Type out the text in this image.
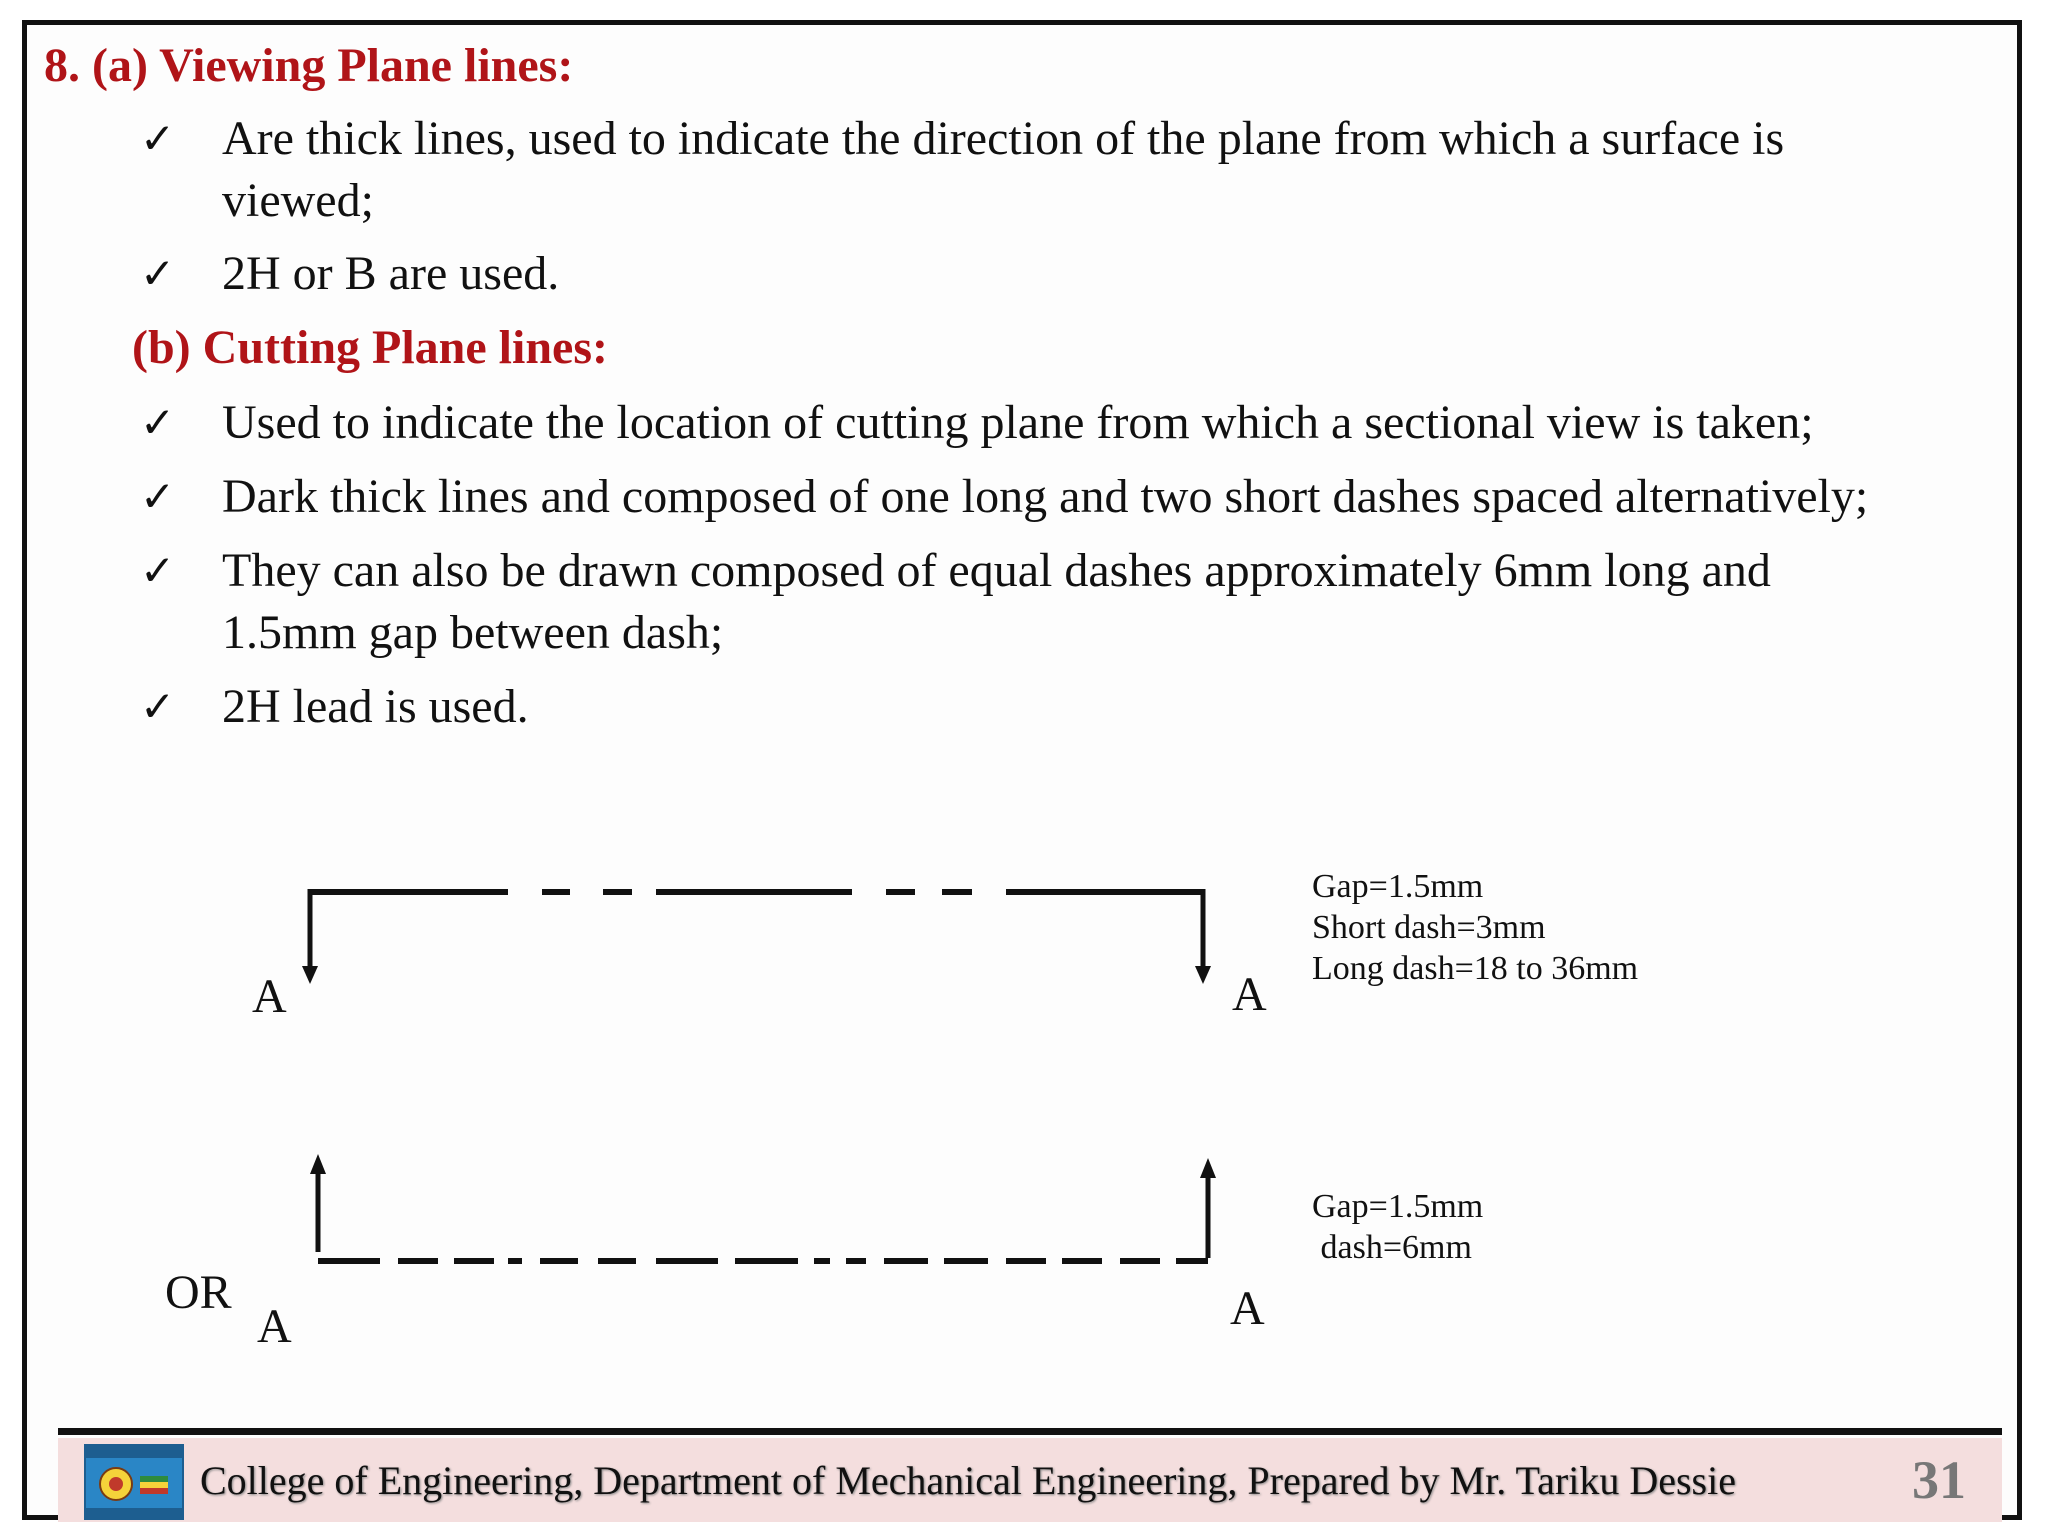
8. (a) Viewing Plane lines:
✓ Are thick lines, used to indicate the direction of the plane from which a surface is
viewed;
✓ 2H or B are used.
(b) Cutting Plane lines:
✓ Used to indicate the location of cutting plane from which a sectional view is taken;
✓ Dark thick lines and composed of one long and two short dashes spaced alternatively;
✓ They can also be drawn composed of equal dashes approximately 6mm long and
1.5mm gap between dash;
✓ 2H lead is used.
A	A
Gap=1.5mm
Short dash=3mm
Long dash=18 to 36mm
OR
A	A
Gap=1.5mm
dash=6mm
College of Engineering, Department of Mechanical Engineering, Prepared by Mr. Tariku Dessie	31
